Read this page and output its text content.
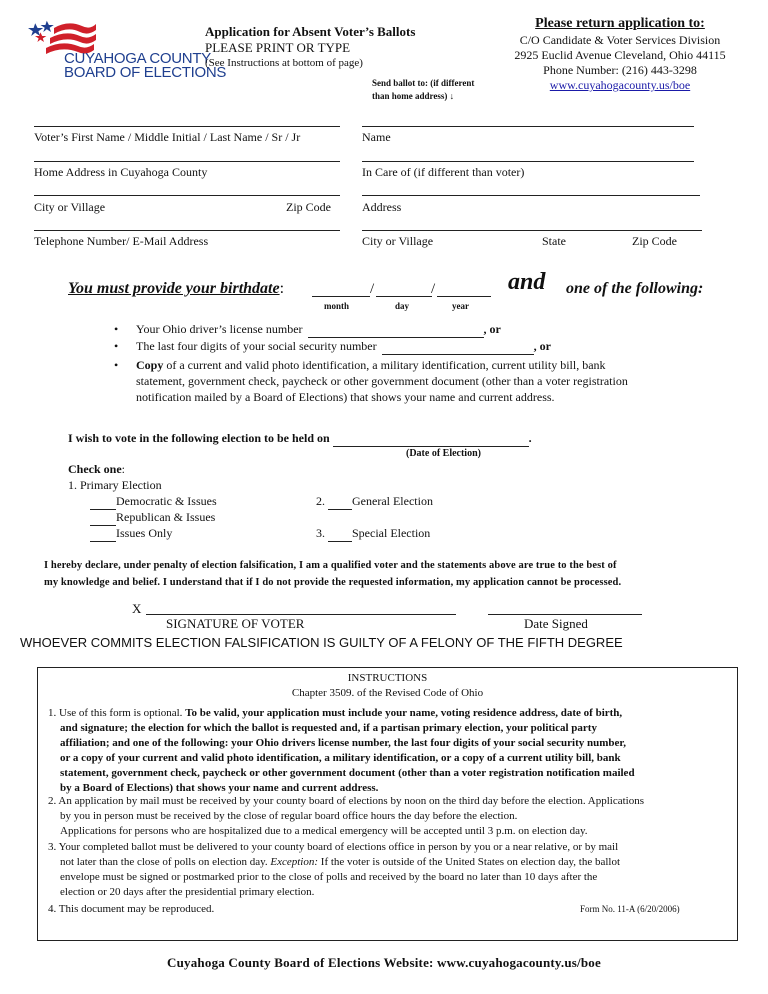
CUYAHOGA COUNTY
BOARD OF ELECTIONS
Application for Absent Voter’s Ballots
PLEASE PRINT OR TYPE
(See Instructions at bottom of page)
Send ballot to: (if different
than home address) ↓
Please return application to:
C/O Candidate & Voter Services Division
2925 Euclid Avenue Cleveland, Ohio 44115
Phone Number: (216) 443-3298
www.cuyahogacounty.us/boe
Voter’s First Name / Middle Initial / Last Name / Sr / Jr
Home Address in Cuyahoga County
City or Village	Zip Code
Telephone Number/ E-Mail Address
Name
In Care of (if different than voter)
Address
City or Village	State	Zip Code
You must provide your birthdate:	/	/
month	day	year
and one of the following:
Your Ohio driver’s license number	, or
The last four digits of your social security number	, or
Copy of a current and valid photo identification, a military identification, current utility bill, bank
statement, government check, paycheck or other government document (other than a voter registration
notification mailed by a Board of Elections) that shows your name and current address.
I wish to vote in the following election to be held on	.
(Date of Election)
Check one:
1. Primary Election
Democratic & Issues
Republican & Issues
Issues Only
2.  General Election
3.  Special Election
I hereby declare, under penalty of election falsification, I am a qualified voter and the statements above are true to the best of
my knowledge and belief. I understand that if I do not provide the requested information, my application cannot be processed.
X
SIGNATURE OF VOTER	Date Signed
WHOEVER COMMITS ELECTION FALSIFICATION IS GUILTY OF A FELONY OF THE FIFTH DEGREE
INSTRUCTIONS
Chapter 3509. of the Revised Code of Ohio
1. Use of this form is optional. To be valid, your application must include your name, voting residence address, date of birth,
and signature; the election for which the ballot is requested and, if a partisan primary election, your political party
affiliation; and one of the following: your Ohio drivers license number, the last four digits of your social security number,
or a copy of your current and valid photo identification, a military identification, or a copy of a current utility bill, bank
statement, government check, paycheck or other government document (other than a voter registration notification mailed
by a Board of Elections) that shows your name and current address.
2. An application by mail must be received by your county board of elections by noon on the third day before the election. Applications
by you in person must be received by the close of regular board office hours the day before the election.
Applications for persons who are hospitalized due to a medical emergency will be accepted until 3 p.m. on election day.
3. Your completed ballot must be delivered to your county board of elections office in person by you or a near relative, or by mail
not later than the close of polls on election day. Exception: If the voter is outside of the United States on election day, the ballot
envelope must be signed or postmarked prior to the close of polls and received by the board no later than 10 days after the
election or 20 days after the presidential primary election.
4. This document may be reproduced.	Form No. 11-A (6/20/2006)
Cuyahoga County Board of Elections Website: www.cuyahogacounty.us/boe
